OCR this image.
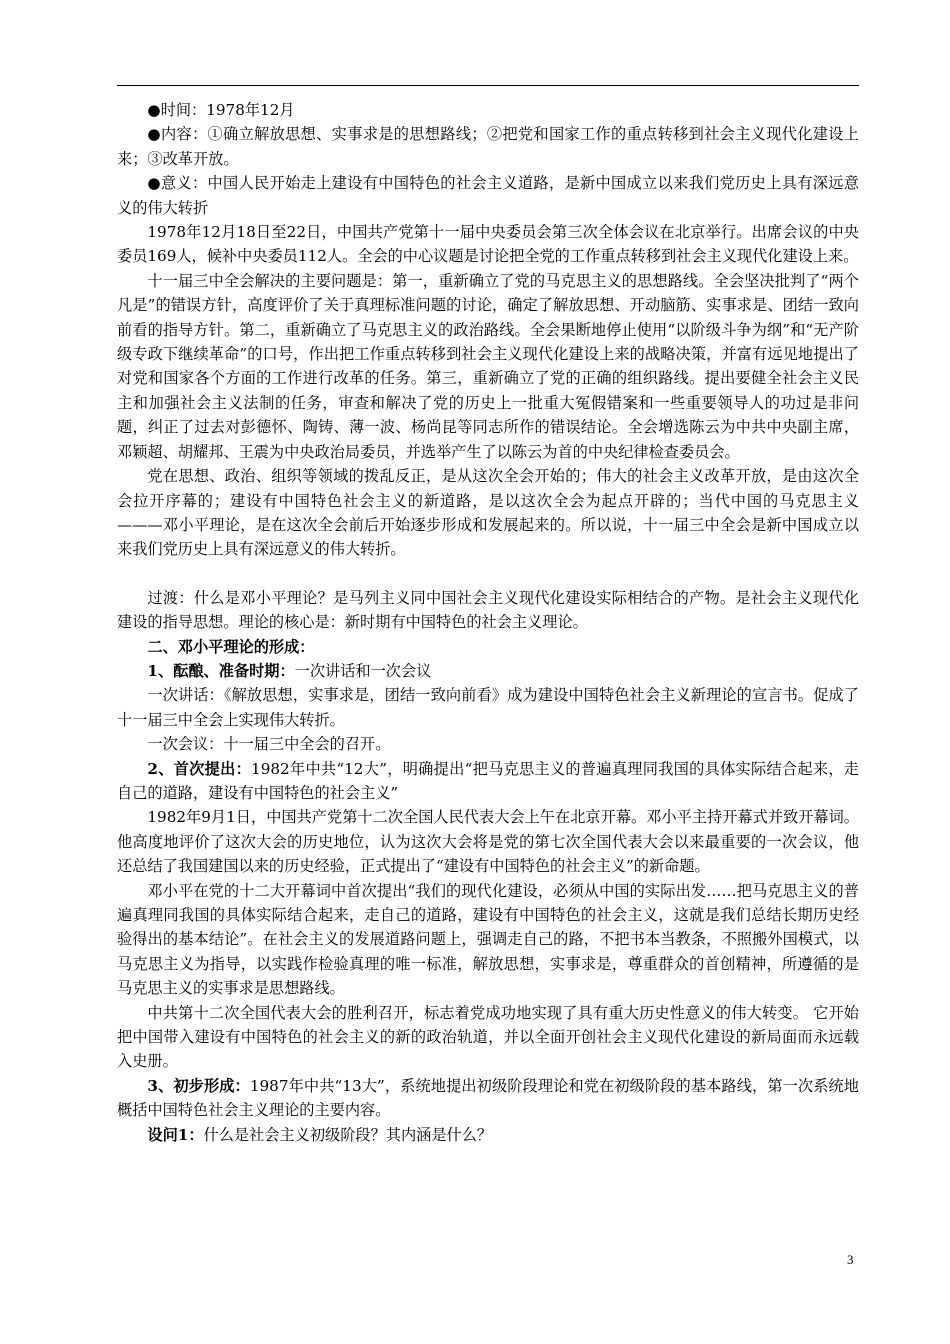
●时间：1978年12月

●内容：①确立解放思想、实事求是的思想路线；②把党和国家工作的重点转移到社会主义现代化建设上来；③改革开放。

●意义：中国人民开始走上建设有中国特色的社会主义道路，是新中国成立以来我们党历史上具有深远意义的伟大转折

1978年12月18日至22日，中国共产党第十一届中央委员会第三次全体会议在北京举行。出席会议的中央委员169人，候补中央委员112人。全会的中心议题是讨论把全党的工作重点转移到社会主义现代化建设上来。

十一届三中全会解决的主要问题是：第一，重新确立了党的马克思主义的思想路线。全会坚决批判了“两个凡是”的错误方针，高度评价了关于真理标准问题的讨论，确定了解放思想、开动脑筋、实事求是、团结一致向前看的指导方针。第二，重新确立了马克思主义的政治路线。全会果断地停止使用“以阶级斗争为纲”和“无产阶级专政下继续革命”的口号，作出把工作重点转移到社会主义现代化建设上来的战略决策，并富有远见地提出了对党和国家各个方面的工作进行改革的任务。第三，重新确立了党的正确的组织路线。提出要健全社会主义民主和加强社会主义法制的任务，审查和解决了党的历史上一批重大冤假错案和一些重要领导人的功过是非问题，纠正了过去对彭德怀、陶铸、薄一波、杨尚昆等同志所作的错误结论。全会增选陈云为中共中央副主席，邓颖超、胡耀邦、王震为中央政治局委员，并选举产生了以陈云为首的中央纪律检查委员会。

党在思想、政治、组织等领域的拨乱反正，是从这次全会开始的；伟大的社会主义改革开放，是由这次全会拉开序幕的；建设有中国特色社会主义的新道路，是以这次全会为起点开辟的；当代中国的马克思主义———邓小平理论，是在这次全会前后开始逐步形成和发展起来的。所以说，十一届三中全会是新中国成立以来我们党历史上具有深远意义的伟大转折。

过渡：什么是邓小平理论？是马列主义同中国社会主义现代化建设实际相结合的产物。是社会主义现代化建设的指导思想。理论的核心是：新时期有中国特色的社会主义理论。

二、邓小平理论的形成：

1、酝酿、准备时期：一次讲话和一次会议

一次讲话：《解放思想，实事求是，团结一致向前看》成为建设中国特色社会主义新理论的宣言书。促成了十一届三中全会上实现伟大转折。

一次会议：十一届三中全会的召开。

2、首次提出：1982年中共“12大”，明确提出“把马克思主义的普遍真理同我国的具体实际结合起来，走自己的道路，建设有中国特色的社会主义”

1982年9月1日，中国共产党第十二次全国人民代表大会上午在北京开幕。邓小平主持开幕式并致开幕词。他高度地评价了这次大会的历史地位，认为这次大会将是党的第七次全国代表大会以来最重要的一次会议，他还总结了我国建国以来的历史经验，正式提出了“建设有中国特色的社会主义”的新命题。

邓小平在党的十二大开幕词中首次提出“我们的现代化建设，必须从中国的实际出发……把马克思主义的普遍真理同我国的具体实际结合起来，走自己的道路，建设有中国特色的社会主义，这就是我们总结长期历史经验得出的基本结论”。在社会主义的发展道路问题上，强调走自己的路，不把书本当教条，不照搬外国模式，以马克思主义为指导，以实践作检验真理的唯一标准，解放思想，实事求是，尊重群众的首创精神，所遵循的是马克思主义的实事求是思想路线。

中共第十二次全国代表大会的胜利召开，标志着党成功地实现了具有重大历史性意义的伟大转变。 它开始把中国带入建设有中国特色的社会主义的新的政治轨道，并以全面开创社会主义现代化建设的新局面而永远载入史册。

3、初步形成：1987年中共“13大”，系统地提出初级阶段理论和党在初级阶段的基本路线，第一次系统地概括中国特色社会主义理论的主要内容。

设问1：什么是社会主义初级阶段？其内涵是什么？

3
